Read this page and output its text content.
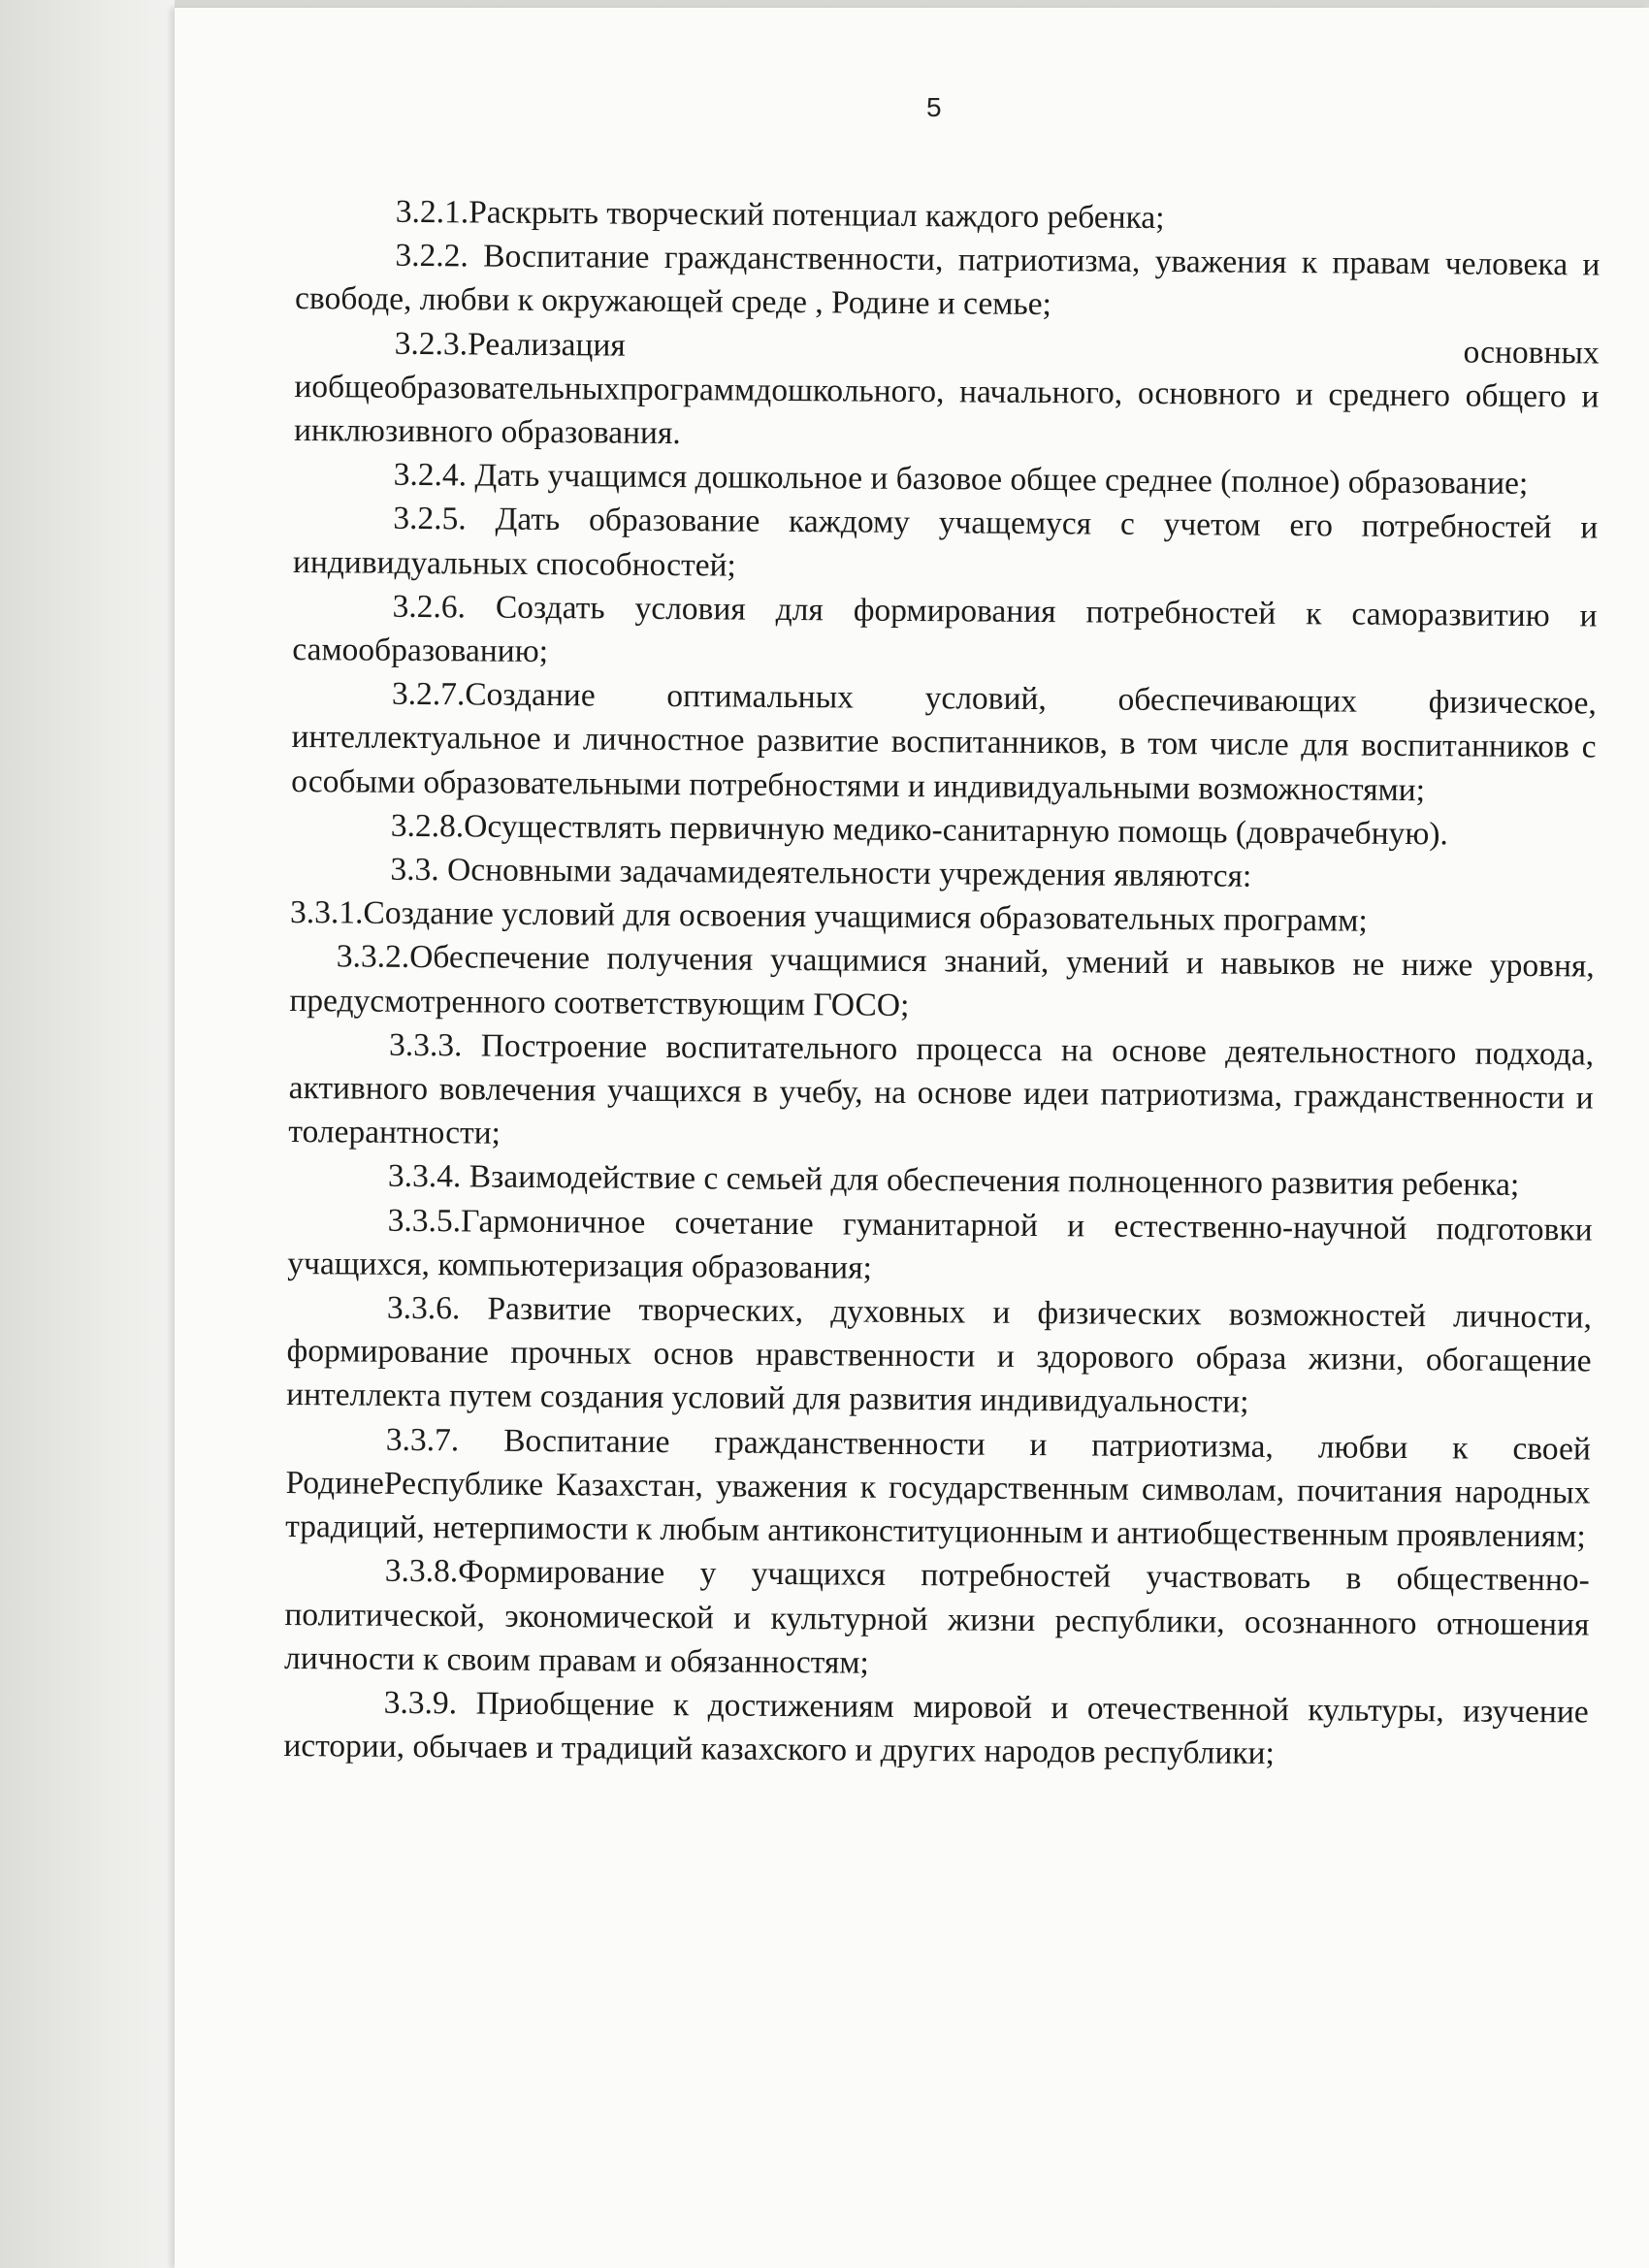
5

3.2.1.Раскрыть творческий потенциал каждого ребенка;

3.2.2. Воспитание гражданственности, патриотизма, уважения к правам человека и свободе, любви к окружающей среде , Родине и семье;

3.2.3.Реализация основных

иобщеобразовательныхпрограммдошкольного, начального, основного и среднего общего и инклюзивного образования.

3.2.4. Дать учащимся дошкольное и базовое общее среднее (полное) образование;

3.2.5. Дать образование каждому учащемуся с учетом его потребностей и индивидуальных способностей;

3.2.6. Создать условия для формирования потребностей к саморазвитию и самообразованию;

3.2.7.Создание оптимальных условий, обеспечивающих физическое, интеллектуальное и личностное развитие воспитанников, в том числе для воспитанников с особыми образовательными потребностями и индивидуальными возможностями;

3.2.8.Осуществлять первичную медико-санитарную помощь (доврачебную).

3.3. Основными задачамидеятельности учреждения являются:

3.3.1.Создание условий для освоения учащимися образовательных программ;

3.3.2.Обеспечение получения учащимися знаний, умений и навыков не ниже уровня, предусмотренного соответствующим ГОСО;

3.3.3. Построение воспитательного процесса на основе деятельностного подхода, активного вовлечения учащихся в учебу, на основе идеи патриотизма, гражданственности и толерантности;

3.3.4. Взаимодействие с семьей для обеспечения полноценного развития ребенка;

3.3.5.Гармоничное сочетание гуманитарной и естественно-научной подготовки учащихся, компьютеризация образования;

3.3.6. Развитие творческих, духовных и физических возможностей личности, формирование прочных основ нравственности и здорового образа жизни, обогащение интеллекта путем создания условий для развития индивидуальности;

3.3.7. Воспитание гражданственности и патриотизма, любви к своей РодинеРеспублике Казахстан, уважения к государственным символам, почитания народных традиций, нетерпимости к любым антиконституционным и антиобщественным проявлениям;

3.3.8.Формирование у учащихся потребностей участвовать в общественно-политической, экономической и культурной жизни республики, осознанного отношения личности к своим правам и обязанностям;

3.3.9. Приобщение к достижениям мировой и отечественной культуры, изучение истории, обычаев и традиций казахского и других народов республики;
